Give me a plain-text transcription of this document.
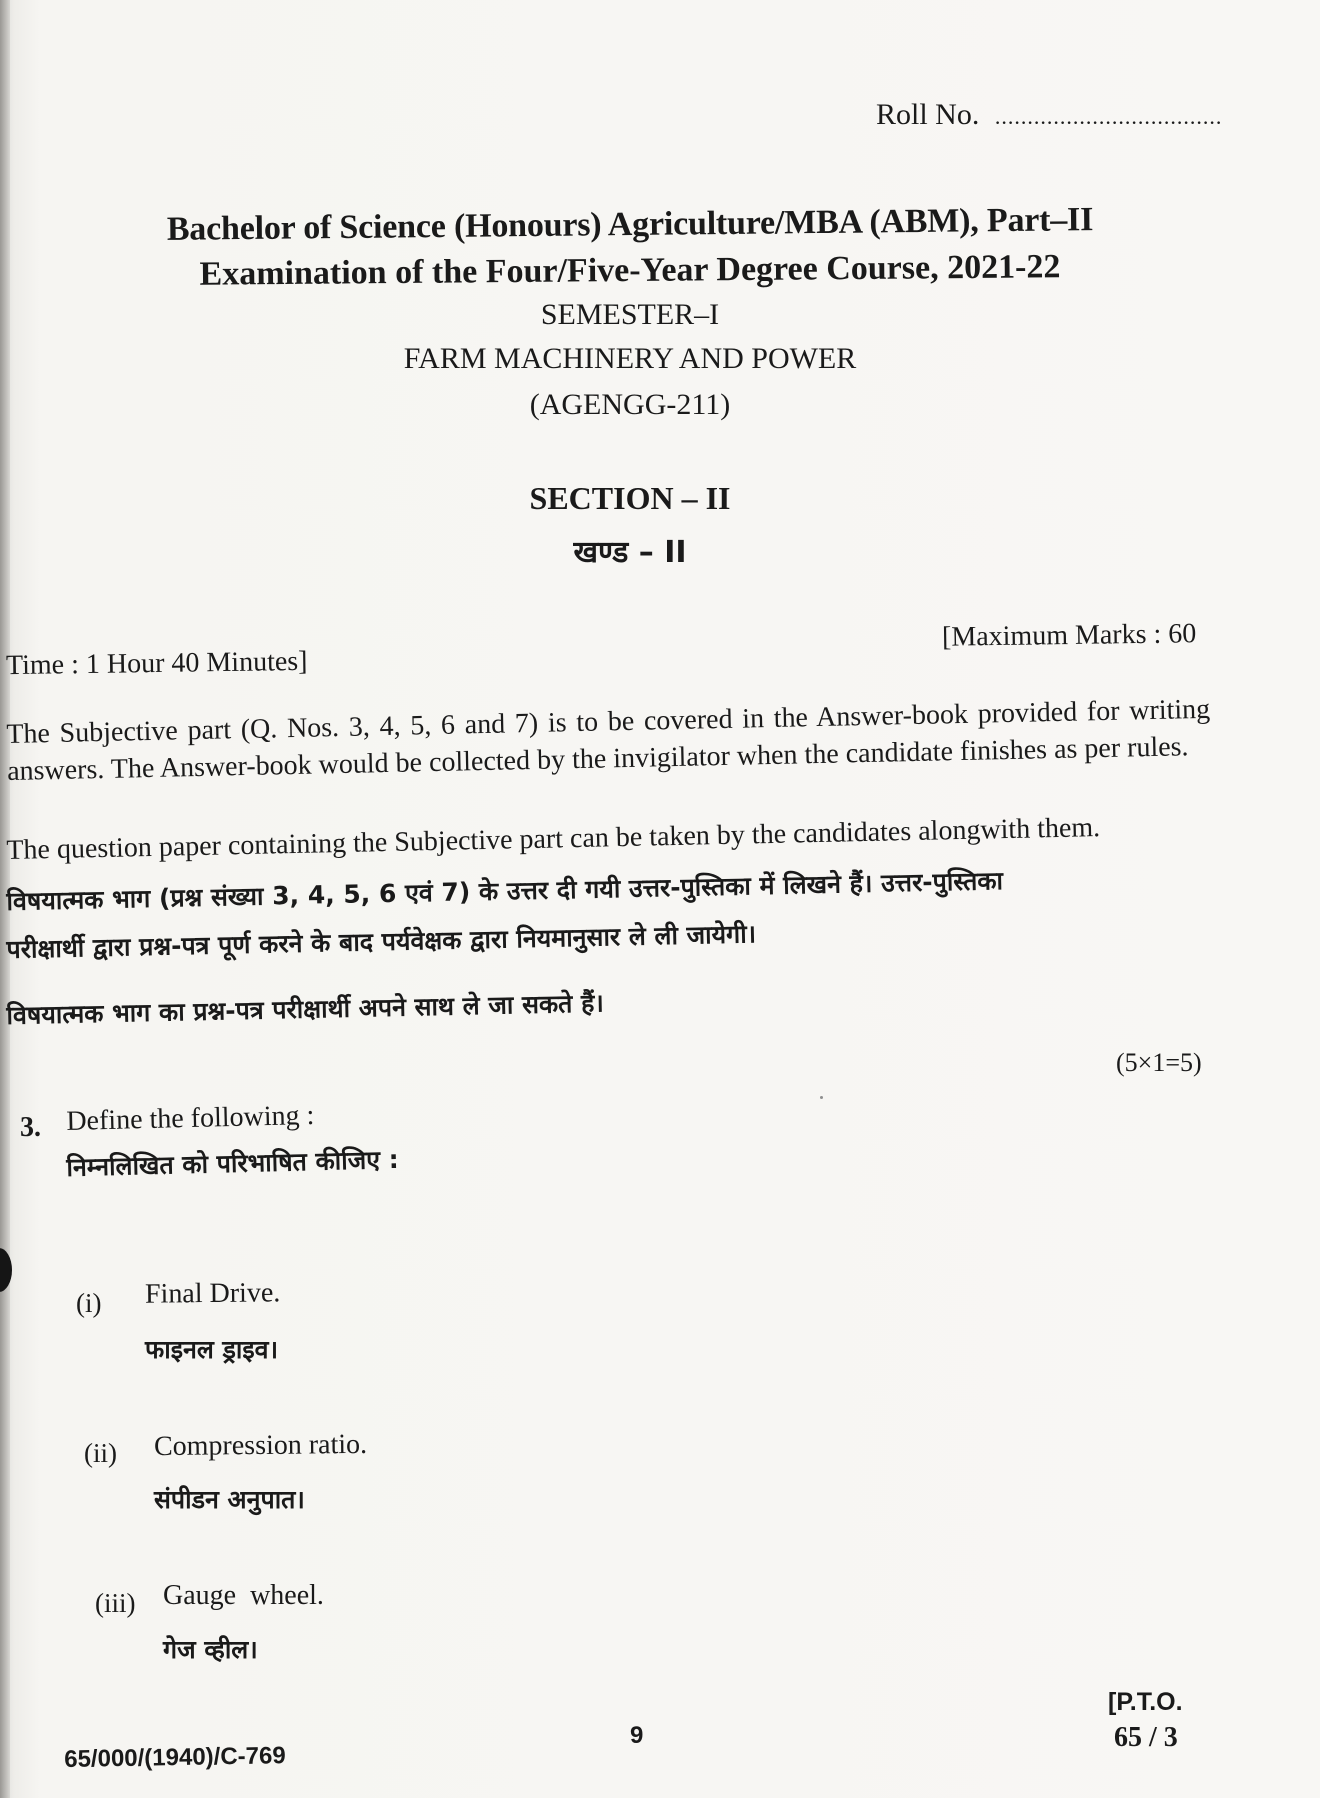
Roll No. ...................................
Bachelor of Science (Honours) Agriculture/MBA (ABM), Part–II
Examination of the Four/Five-Year Degree Course, 2021-22
SEMESTER–I
FARM MACHINERY AND POWER
(AGENGG-211)
SECTION – II
खण्ड – II
Time : 1 Hour 40 Minutes]
[Maximum Marks : 60
The Subjective part (Q. Nos. 3, 4, 5, 6 and 7) is to be covered in the Answer-book provided for writing answers. The Answer-book would be collected by the invigilator when the candidate finishes as per rules.
The question paper containing the Subjective part can be taken by the candidates alongwith them.
विषयात्मक भाग (प्रश्न संख्या 3, 4, 5, 6 एवं 7) के उत्तर दी गयी उत्तर-पुस्तिका में लिखने हैं। उत्तर-पुस्तिका
परीक्षार्थी द्वारा प्रश्न-पत्र पूर्ण करने के बाद पर्यवेक्षक द्वारा नियमानुसार ले ली जायेगी।
विषयात्मक भाग का प्रश्न-पत्र परीक्षार्थी अपने साथ ले जा सकते हैं।
(5×1=5)
3. Define the following :
निम्नलिखित को परिभाषित कीजिए :
(i) Final Drive.
फाइनल ड्राइव।
(ii) Compression ratio.
संपीडन अनुपात।
(iii) Gauge  wheel.
गेज व्हील।
[P.T.O.
65 / 3
9
65/000/(1940)/C-769
